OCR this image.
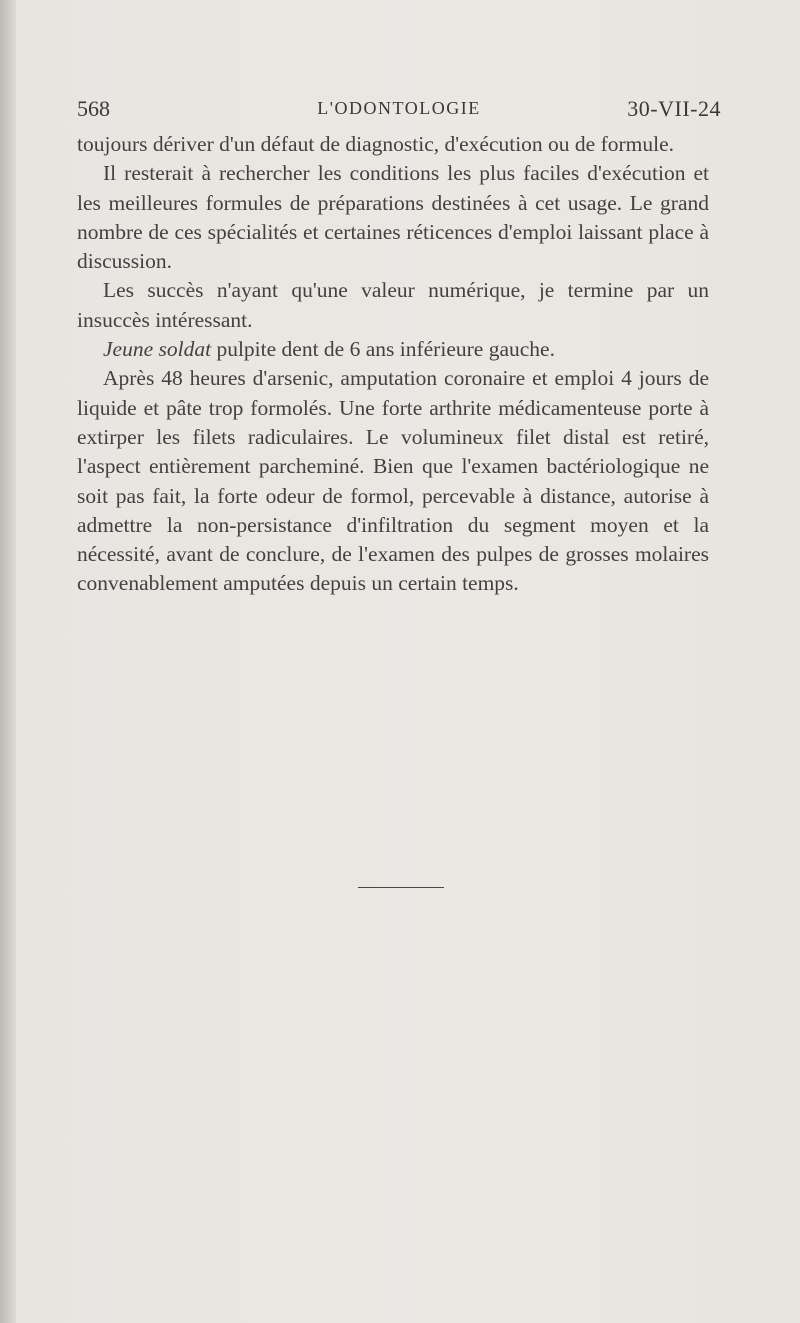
568	L'ODONTOLOGIE	30-VII-24

toujours dériver d'un défaut de diagnostic, d'exécution ou de formule.

Il resterait à rechercher les conditions les plus faciles d'exécution et les meilleures formules de préparations destinées à cet usage. Le grand nombre de ces spécialités et certaines réticences d'emploi laissant place à discussion.

Les succès n'ayant qu'une valeur numérique, je termine par un insuccès intéressant.

Jeune soldat pulpite dent de 6 ans inférieure gauche.

Après 48 heures d'arsenic, amputation coronaire et emploi 4 jours de liquide et pâte trop formolés. Une forte arthrite médicamenteuse porte à extirper les filets radiculaires. Le volumineux filet distal est retiré, l'aspect entièrement parcheminé. Bien que l'examen bactériologique ne soit pas fait, la forte odeur de formol, percevable à distance, autorise à admettre la non-persistance d'infiltration du segment moyen et la nécessité, avant de conclure, de l'examen des pulpes de grosses molaires convenablement amputées depuis un certain temps.
